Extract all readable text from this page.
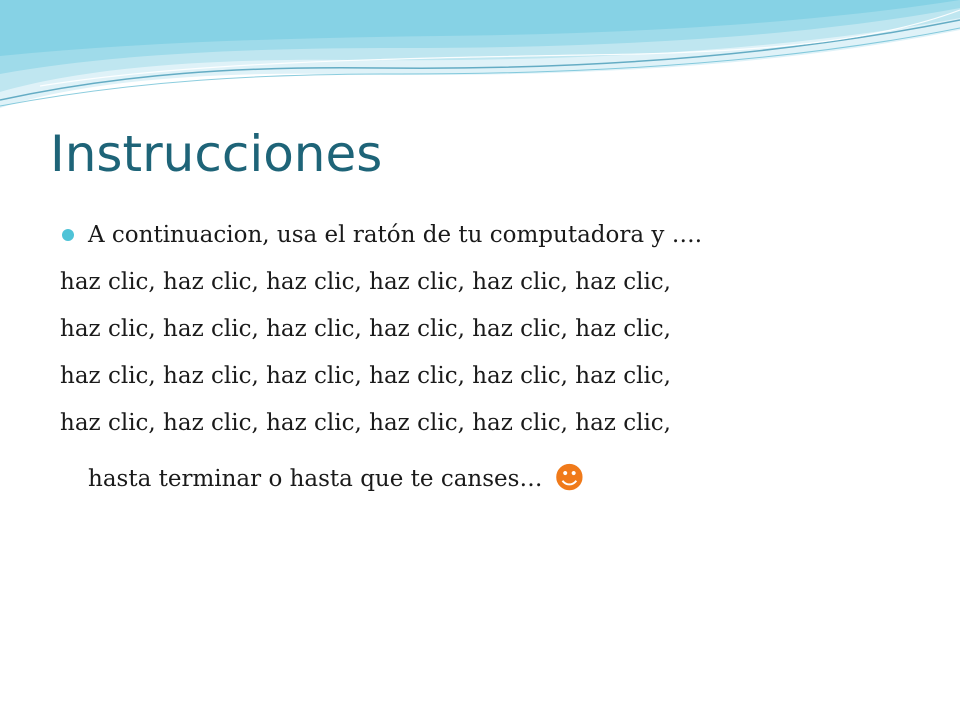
Instrucciones
A continuacion, usa el ratón de tu computadora y ….
haz clic, haz clic, haz clic, haz clic, haz clic, haz clic,
haz clic, haz clic, haz clic, haz clic, haz clic, haz clic,
haz clic, haz clic, haz clic, haz clic, haz clic, haz clic,
haz clic, haz clic, haz clic, haz clic, haz clic, haz clic,
hasta terminar o hasta que te canses… ☻
